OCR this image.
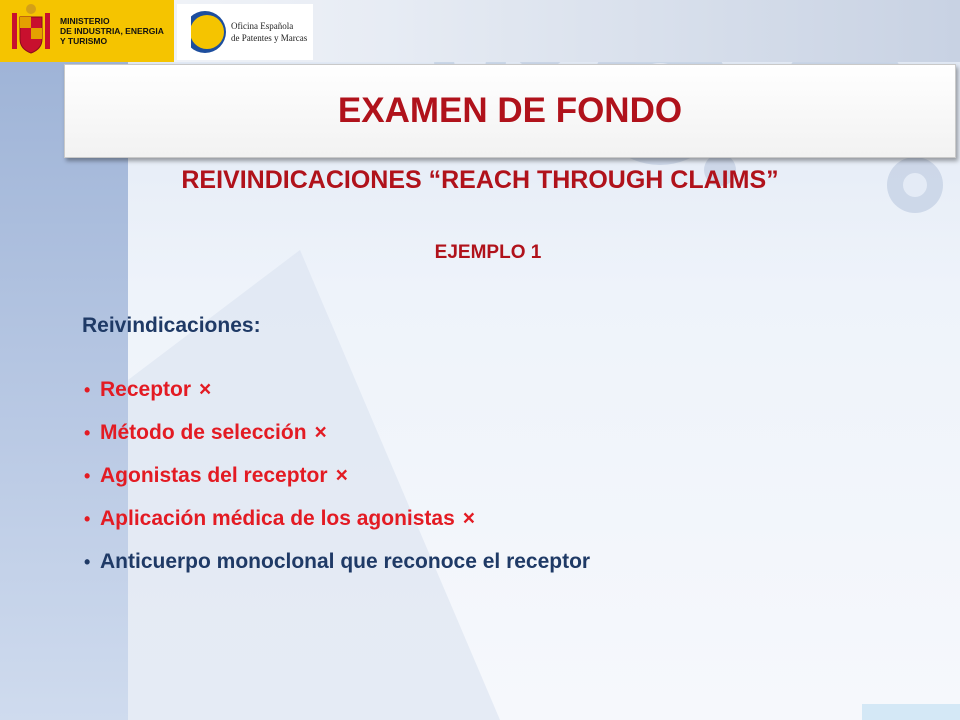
MINISTERIO
DE INDUSTRIA, ENERGIA
Y TURISMO
Oficina Española
de Patentes y Marcas
EXAMEN DE FONDO
REIVINDICACIONES “REACH THROUGH CLAIMS”
EJEMPLO 1
Reivindicaciones:
• Receptor ×
• Método de selección ×
• Agonistas del receptor ×
• Aplicación médica de los agonistas ×
• Anticuerpo monoclonal que reconoce el receptor
